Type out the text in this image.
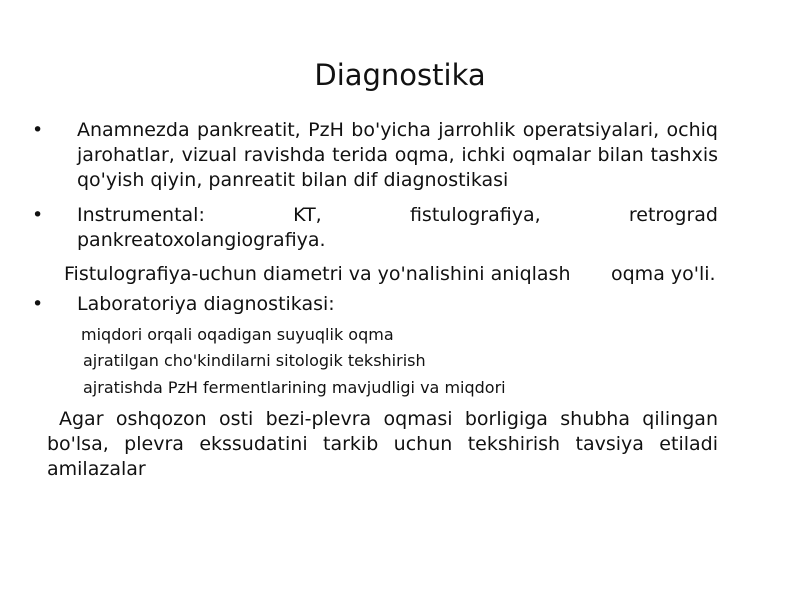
Diagnostika
• Anamnezda pankreatit, PzH bo'yicha jarrohlik operatsiyalari, ochiq jarohatlar, vizual ravishda terida oqma, ichki oqmalar bilan tashxis qo'yish qiyin, panreatit bilan dif diagnostikasi
• Instrumental: KT, fistulografiya, retrograd pankreatoxolangiografiya.
Fistulografiya-uchun diametri va yo'nalishini aniqlash oqma yo'li.
• Laboratoriya diagnostikasi:
miqdori orqali oqadigan suyuqlik oqma
ajratilgan cho'kindilarni sitologik tekshirish
ajratishda PzH fermentlarining mavjudligi va miqdori
Agar oshqozon osti bezi-plevra oqmasi borligiga shubha qilingan bo'lsa, plevra ekssudatini tarkib uchun tekshirish tavsiya etiladi amilazalar
